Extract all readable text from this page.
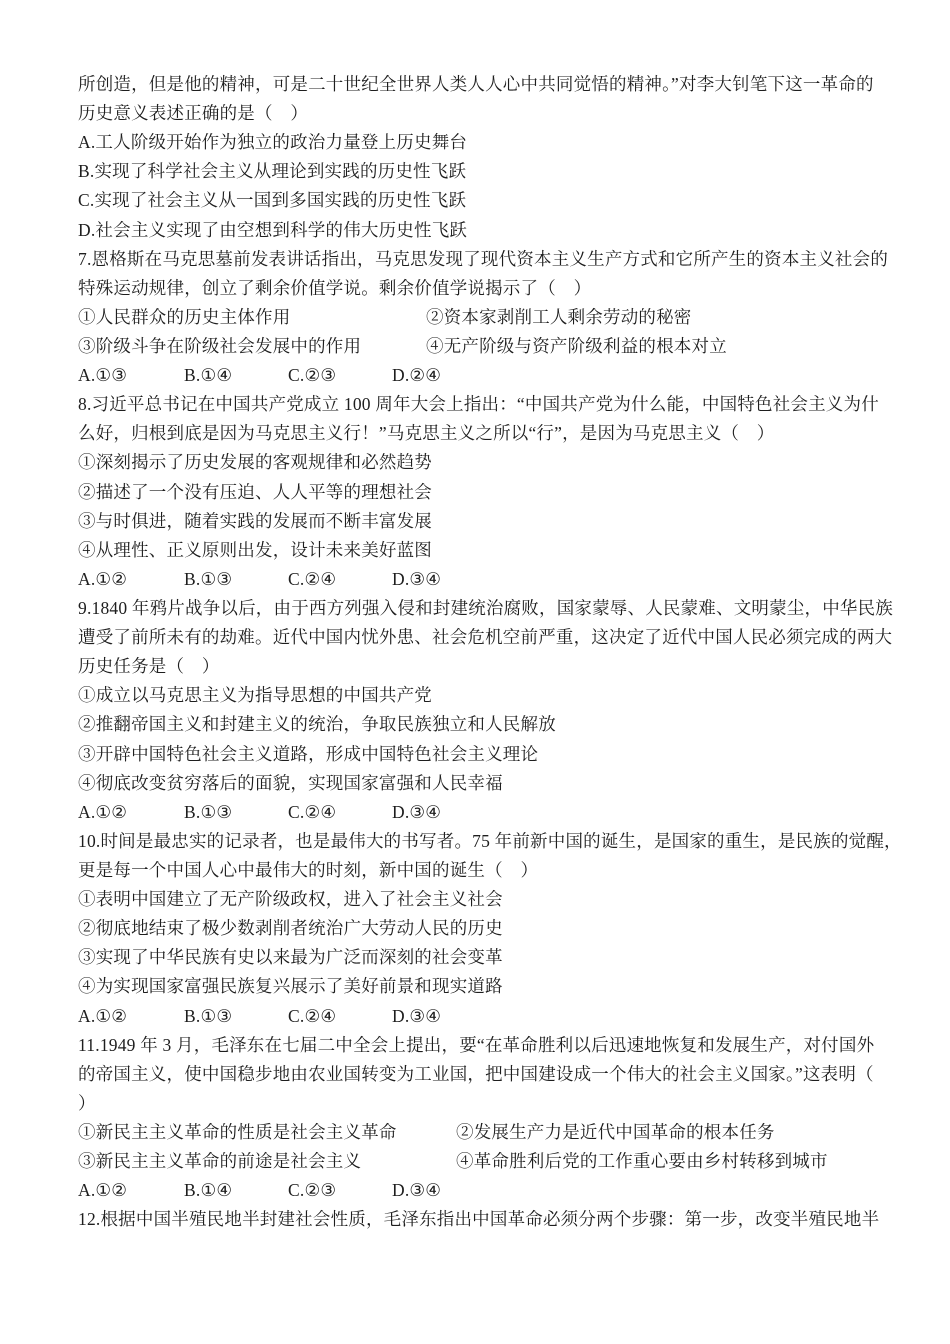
所创造，但是他的精神，可是二十世纪全世界人类人人心中共同觉悟的精神。”对李大钊笔下这一革命的
历史意义表述正确的是（　）
A.工人阶级开始作为独立的政治力量登上历史舞台
B.实现了科学社会主义从理论到实践的历史性飞跃
C.实现了社会主义从一国到多国实践的历史性飞跃
D.社会主义实现了由空想到科学的伟大历史性飞跃
7.恩格斯在马克思墓前发表讲话指出，马克思发现了现代资本主义生产方式和它所产生的资本主义社会的
特殊运动规律，创立了剩余价值学说。剩余价值学说揭示了（　）
①人民群众的历史主体作用	②资本家剥削工人剩余劳动的秘密
③阶级斗争在阶级社会发展中的作用	④无产阶级与资产阶级利益的根本对立
A.①③	B.①④	C.②③	D.②④
8.习近平总书记在中国共产党成立 100 周年大会上指出：“中国共产党为什么能，中国特色社会主义为什
么好，归根到底是因为马克思主义行！”马克思主义之所以“行”，是因为马克思主义（　）
①深刻揭示了历史发展的客观规律和必然趋势
②描述了一个没有压迫、人人平等的理想社会
③与时俱进，随着实践的发展而不断丰富发展
④从理性、正义原则出发，设计未来美好蓝图
A.①②	B.①③	C.②④	D.③④
9.1840 年鸦片战争以后，由于西方列强入侵和封建统治腐败，国家蒙辱、人民蒙难、文明蒙尘，中华民族
遭受了前所未有的劫难。近代中国内忧外患、社会危机空前严重，这决定了近代中国人民必须完成的两大
历史任务是（　）
①成立以马克思主义为指导思想的中国共产党
②推翻帝国主义和封建主义的统治，争取民族独立和人民解放
③开辟中国特色社会主义道路，形成中国特色社会主义理论
④彻底改变贫穷落后的面貌，实现国家富强和人民幸福
A.①②	B.①③	C.②④	D.③④
10.时间是最忠实的记录者，也是最伟大的书写者。75 年前新中国的诞生，是国家的重生，是民族的觉醒，
更是每一个中国人心中最伟大的时刻，新中国的诞生（　）
①表明中国建立了无产阶级政权，进入了社会主义社会
②彻底地结束了极少数剥削者统治广大劳动人民的历史
③实现了中华民族有史以来最为广泛而深刻的社会变革
④为实现国家富强民族复兴展示了美好前景和现实道路
A.①②	B.①③	C.②④	D.③④
11.1949 年 3 月，毛泽东在七届二中全会上提出，要“在革命胜利以后迅速地恢复和发展生产，对付国外
的帝国主义，使中国稳步地由农业国转变为工业国，把中国建设成一个伟大的社会主义国家。”这表明（
）
①新民主主义革命的性质是社会主义革命	②发展生产力是近代中国革命的根本任务
③新民主主义革命的前途是社会主义	④革命胜利后党的工作重心要由乡村转移到城市
A.①②	B.①④	C.②③	D.③④
12.根据中国半殖民地半封建社会性质，毛泽东指出中国革命必须分两个步骤：第一步，改变半殖民地半
